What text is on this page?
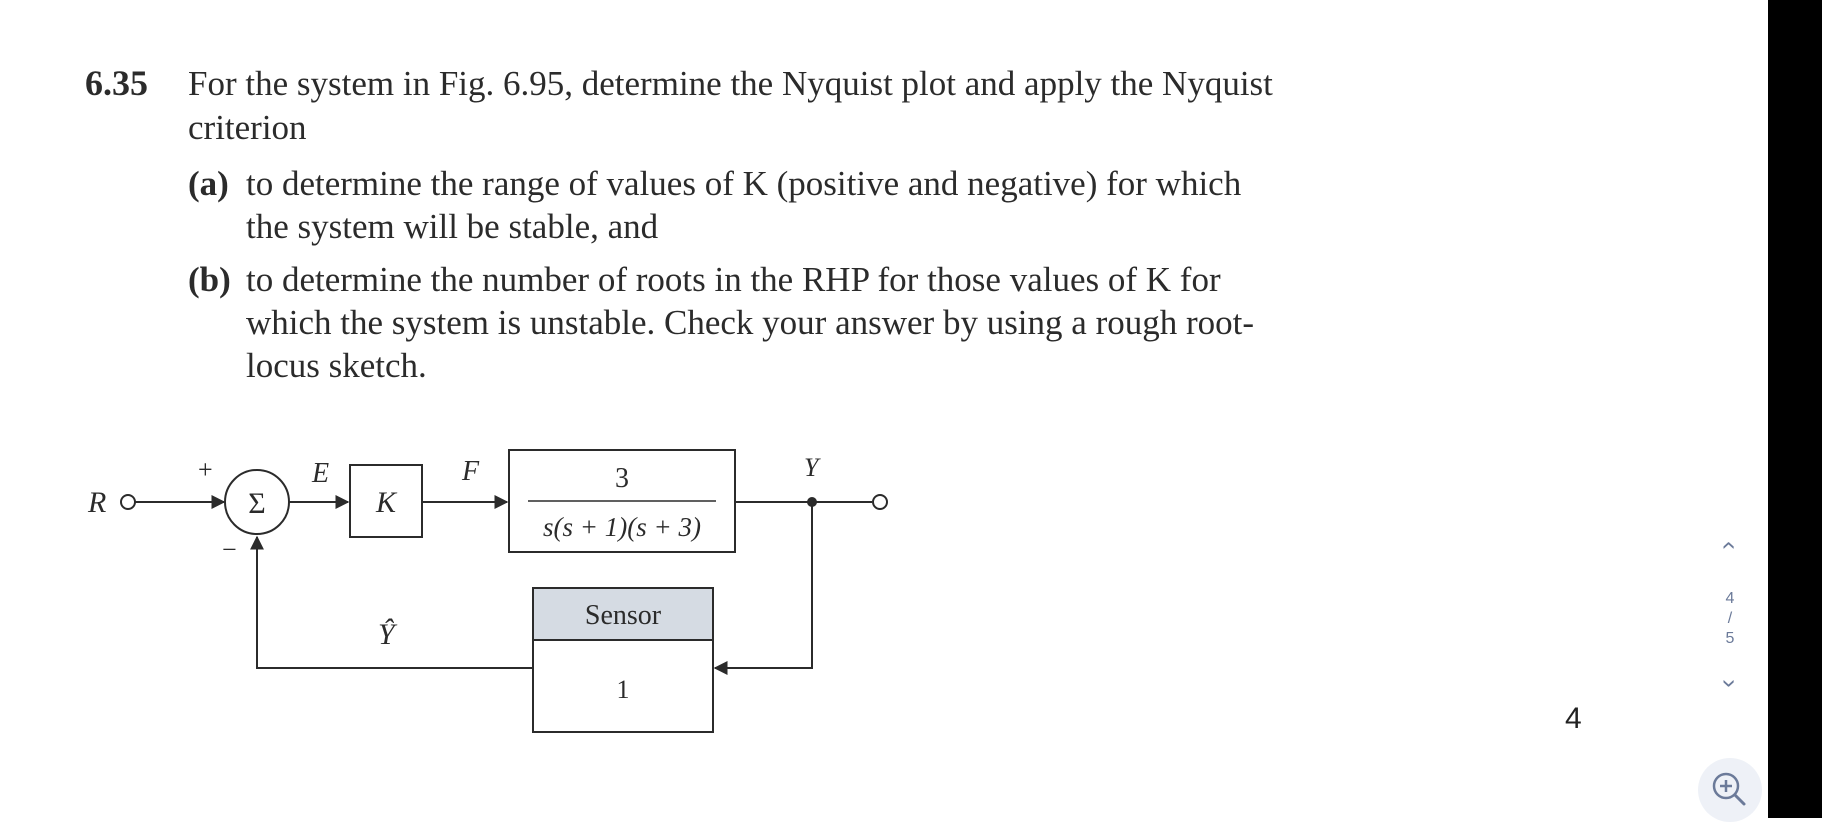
6.35 For the system in Fig. 6.95, determine the Nyquist plot and apply the Nyquist criterion
(a) to determine the range of values of K (positive and negative) for which the system will be stable, and
(b) to determine the number of roots in the RHP for those values of K for which the system is unstable. Check your answer by using a rough root-locus sketch.
R
+
−
Σ
E
K
F	3
s(s + 1)(s + 3)
Y
Sensor
1
Ŷ
4
‹
4
/
5
›
